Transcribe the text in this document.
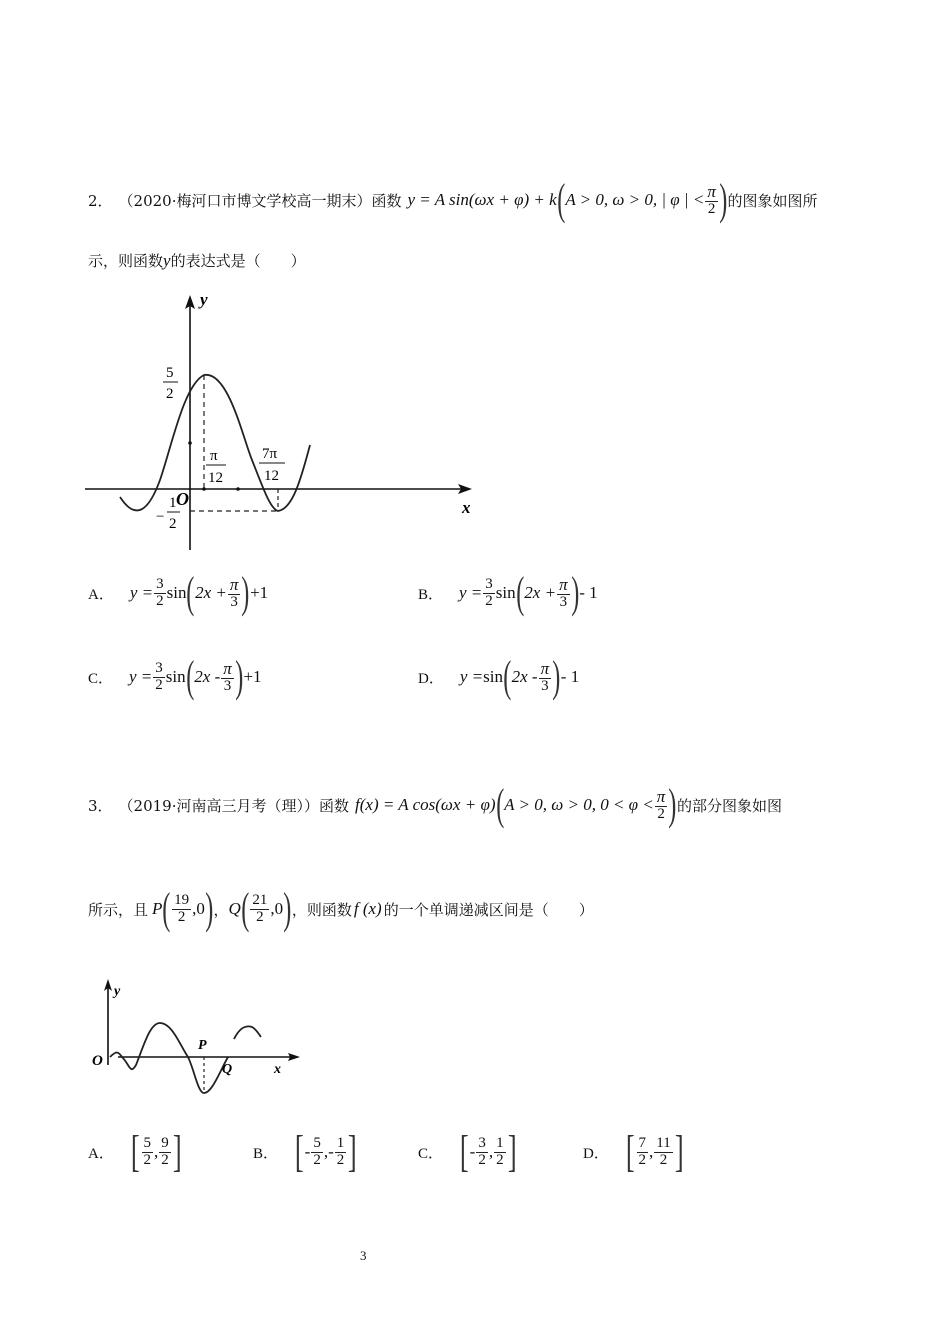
2． （2020·梅河口市博文学校高一期末） 函数 y = A sin(ωx + φ) + k ( A > 0, ω > 0, | φ | < $\frac{\pi}{2}$ ) 的图象如图所
示，则函数y的表达式是（　　）
y
x
O
5
2
−
1
2
π
12
7π
12
A． $y = \frac{3}{2}$ sin ( $2x + \frac{\pi}{3}$ ) +1	B． $y = \frac{3}{2}$ sin ( $2x + \frac{\pi}{3}$ ) - 1
C． $y = \frac{3}{2}$ sin ( $2x - \frac{\pi}{3}$ ) +1	D． y = sin ( $2x - \frac{\pi}{3}$ ) - 1
3． （2019·河南高三月考（理）） 函数 f(x) = A cos(ωx + φ) ( A > 0, ω > 0, $0 < \varphi < \frac{\pi}{2}$ ) 的部分图象如图
所示，且 P ( $\frac{19}{2} ,0$ ) ， Q ( $\frac{21}{2} ,0$ ) ，则函数 f (x) 的一个单调递减区间是（　　）
y
x
O
P
Q
A． [ $\frac{5}{2}$ , $\frac{9}{2}$ ]	B． [ - $\frac{5}{2}$ ,- $\frac{1}{2}$ ]	C． [ - $\frac{3}{2}$ , $\frac{1}{2}$ ]	D． [ $\frac{7}{2}$ , $\frac{11}{2}$ ]
3
